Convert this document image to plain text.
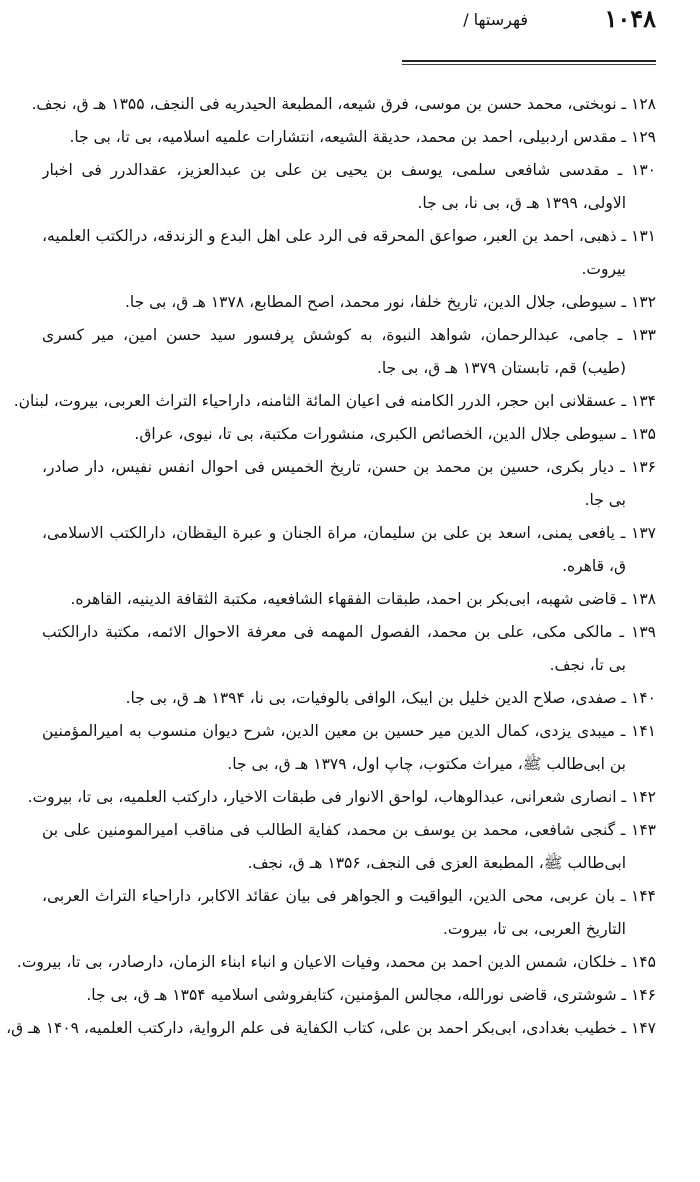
۱۰۴۸
فهرستها /
۱۲۸ ـ نوبختی، محمد حسن بن موسی، فرق شیعه، المطبعة الحیدریه فی النجف، ۱۳۵۵ هـ ق، نجف.
۱۲۹ ـ مقدس اردبیلی، احمد بن محمد، حدیقة الشیعه، انتشارات علمیه اسلامیه، بی تا، بی جا.
۱۳۰ ـ مقدسی شافعی سلمی، یوسف بن یحیی بن علی بن عبدالعزیز، عقدالدرر فی اخبار
الاولی، ۱۳۹۹ هـ ق، بی نا، بی جا.
۱۳۱ ـ ذهبی، احمد بن العبر، صواعق المحرقه فی الرد علی اهل البدع و الزندقه، درالکتب العلمیه،
بیروت.
۱۳۲ ـ سیوطی، جلال الدین، تاریخ خلفا، نور محمد، اصح المطابع، ۱۳۷۸ هـ ق، بی جا.
۱۳۳ ـ جامی، عبدالرحمان، شواهد النبوة، به کوشش پرفسور سید حسن امین، میر کسری
(طیب) قم، تابستان ۱۳۷۹ هـ ق، بی جا.
۱۳۴ ـ عسقلانی ابن حجر، الدرر الکامنه فی اعیان المائة الثامنه، داراحیاء التراث العربی، بیروت، لبنان.
۱۳۵ ـ سیوطی جلال الدین، الخصائص الکبری، منشورات مکتبة، بی تا، نیوی، عراق.
۱۳۶ ـ دیار بکری، حسین بن محمد بن حسن، تاریخ الخمیس فی احوال انفس نفیس، دار صادر،
بی جا.
۱۳۷ ـ یافعی یمنی، اسعد بن علی بن سلیمان، مراة الجنان و عبرة الیقظان، دارالکتب الاسلامی،
ق، قاهره.
۱۳۸ ـ قاضی شهبه، ابی‌بکر بن احمد، طبقات الفقهاء الشافعیه، مکتبة الثقافة الدینیه، القاهره.
۱۳۹ ـ مالکی مکی، علی بن محمد، الفصول المهمه فی معرفة الاحوال الائمه، مکتبة دارالکتب
بی تا، نجف.
۱۴۰ ـ صفدی، صلاح الدین خلیل بن ایبک، الوافی بالوفیات، بی نا، ۱۳۹۴ هـ ق، بی جا.
۱۴۱ ـ میبدی یزدی، کمال الدین میر حسین بن معین الدین، شرح دیوان منسوب به امیرالمؤمنین
بن ابی‌طالب ﷺ، میراث مکتوب، چاپ اول، ۱۳۷۹ هـ ق، بی جا.
۱۴۲ ـ انصاری شعرانی، عبدالوهاب، لواحق الانوار فی طبقات الاخیار، دارکتب العلمیه، بی تا، بیروت.
۱۴۳ ـ گنجی شافعی، محمد بن یوسف بن محمد، کفایة الطالب فی مناقب امیرالمومنین علی بن
ابی‌طالب ﷺ، المطبعة العزی فی النجف، ۱۳۵۶ هـ ق، نجف.
۱۴۴ ـ بان عربی، محی الدین، الیواقیت و الجواهر فی بیان عقائد الاکابر، داراحیاء التراث العربی،
التاریخ العربی، بی تا، بیروت.
۱۴۵ ـ خلکان، شمس الدین احمد بن محمد، وفیات الاعیان و انباء ابناء الزمان، دارصادر، بی تا، بیروت.
۱۴۶ ـ شوشتری، قاضی نورالله، مجالس المؤمنین، کتابفروشی اسلامیه ۱۳۵۴ هـ ق، بی جا.
۱۴۷ ـ خطیب بغدادی، ابی‌بکر احمد بن علی، کتاب الکفایة فی علم الروایة، دارکتب العلمیه، ۱۴۰۹ هـ ق،
